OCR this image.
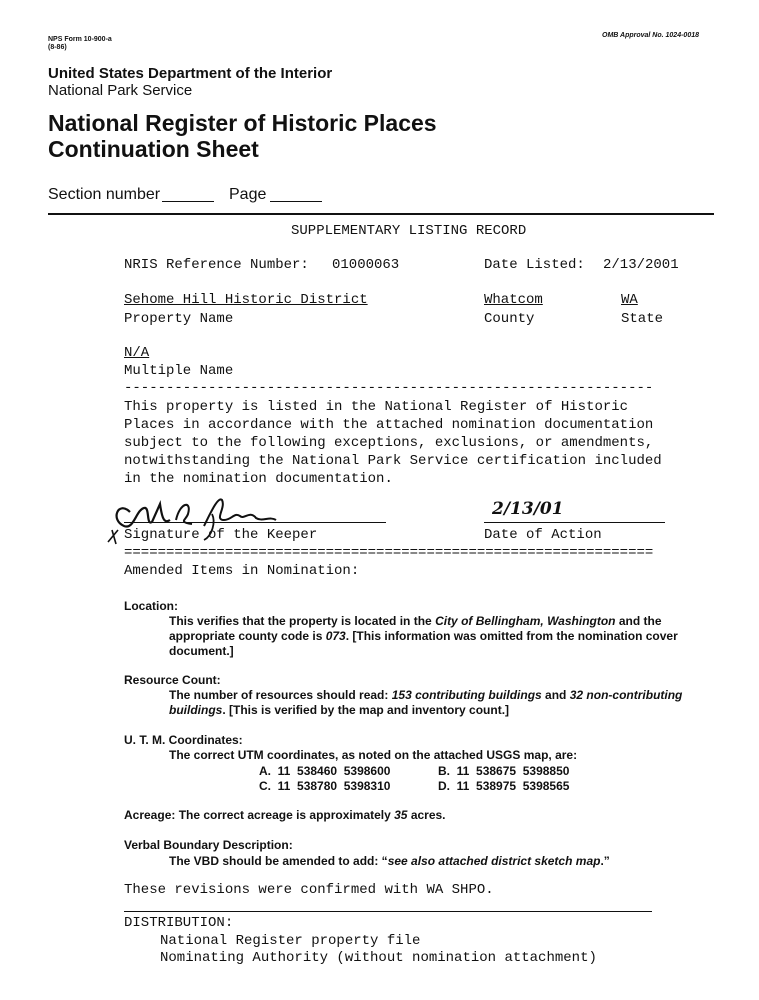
NPS Form 10-900-a
(8-86)
OMB Approval No. 1024-0018
United States Department of the Interior
National Park Service
National Register of Historic Places
Continuation Sheet
Section number	Page
SUPPLEMENTARY LISTING RECORD
NRIS Reference Number: 01000063	Date Listed: 2/13/2001
Sehome Hill Historic District	Whatcom	WA
Property Name	County	State
N/A
Multiple Name
---------------------------------------------------------------
This property is listed in the National Register of Historic
Places in accordance with the attached nomination documentation
subject to the following exceptions, exclusions, or amendments,
notwithstanding the National Park Service certification included
in the nomination documentation.
Signature of the Keeper
2/13/01
Date of Action
===============================================================
Amended Items in Nomination:
Location:
This verifies that the property is located in the City of Bellingham, Washington and the
appropriate county code is 073. [This information was omitted from the nomination cover
document.]
Resource Count:
The number of resources should read: 153 contributing buildings and 32 non-contributing
buildings. [This is verified by the map and inventory count.]
U. T. M. Coordinates:
The correct UTM coordinates, as noted on the attached USGS map, are:
A.  11  538460  5398600	B.  11  538675  5398850
C.  11  538780  5398310	D.  11  538975  5398565
Acreage: The correct acreage is approximately 35 acres.
Verbal Boundary Description:
The VBD should be amended to add: “see also attached district sketch map.”
These revisions were confirmed with WA SHPO.
DISTRIBUTION:
National Register property file
Nominating Authority (without nomination attachment)
